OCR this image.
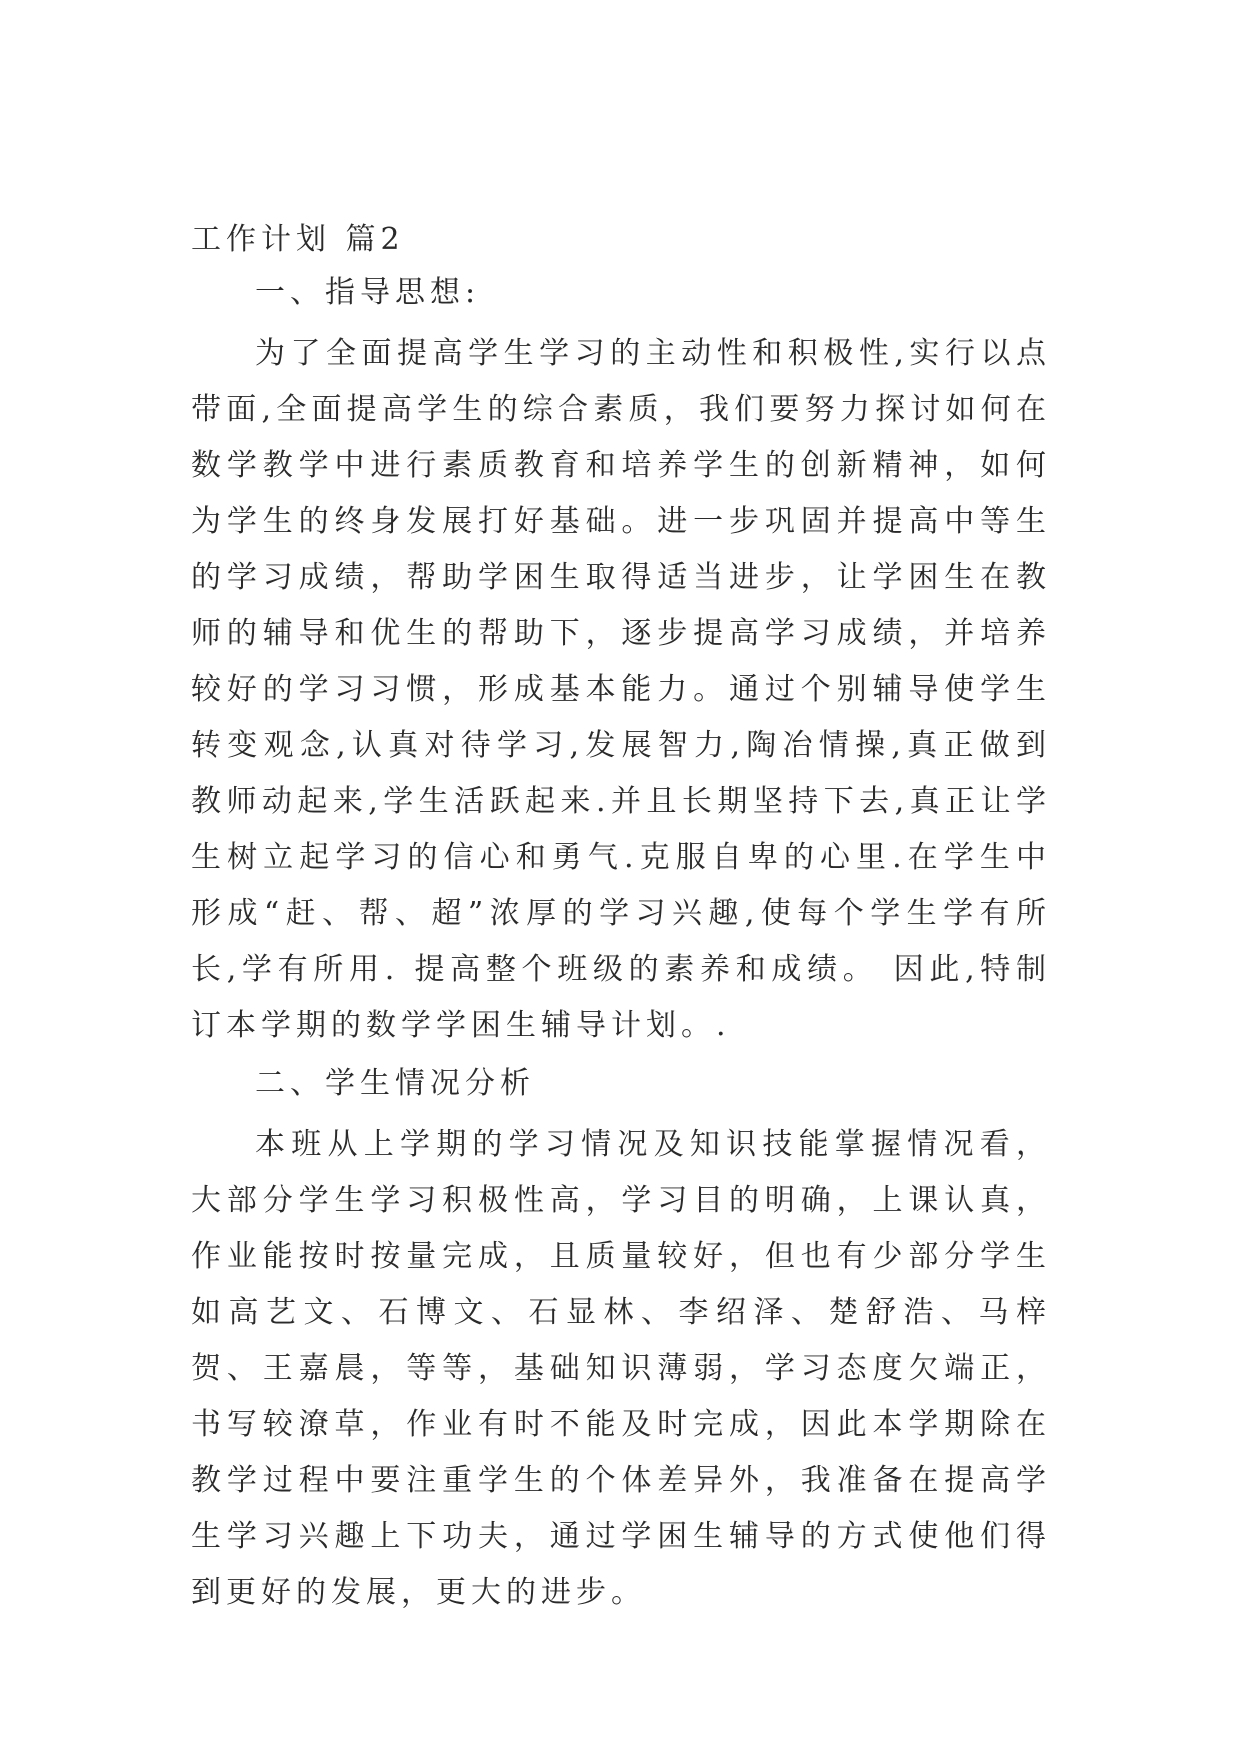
工作计划 篇2

一、指导思想:

为了全面提高学生学习的主动性和积极性,实行以点带面,全面提高学生的综合素质，我们要努力探讨如何在数学教学中进行素质教育和培养学生的创新精神，如何为学生的终身发展打好基础。进一步巩固并提高中等生的学习成绩，帮助学困生取得适当进步，让学困生在教师的辅导和优生的帮助下，逐步提高学习成绩，并培养较好的学习习惯，形成基本能力。通过个别辅导使学生转变观念,认真对待学习,发展智力,陶冶情操,真正做到教师动起来,学生活跃起来.并且长期坚持下去,真正让学生树立起学习的信心和勇气.克服自卑的心里.在学生中形成“赶、帮、超”浓厚的学习兴趣,使每个学生学有所长,学有所用. 提高整个班级的素养和成绩。 因此,特制订本学期的数学学困生辅导计划。.

二、学生情况分析

本班从上学期的学习情况及知识技能掌握情况看，大部分学生学习积极性高，学习目的明确，上课认真，作业能按时按量完成，且质量较好，但也有少部分学生如高艺文、石博文、石显林、李绍泽、楚舒浩、马梓贺、王嘉晨，等等，基础知识薄弱，学习态度欠端正，书写较潦草，作业有时不能及时完成，因此本学期除在教学过程中要注重学生的个体差异外，我准备在提高学生学习兴趣上下功夫，通过学困生辅导的方式使他们得到更好的发展，更大的进步。
